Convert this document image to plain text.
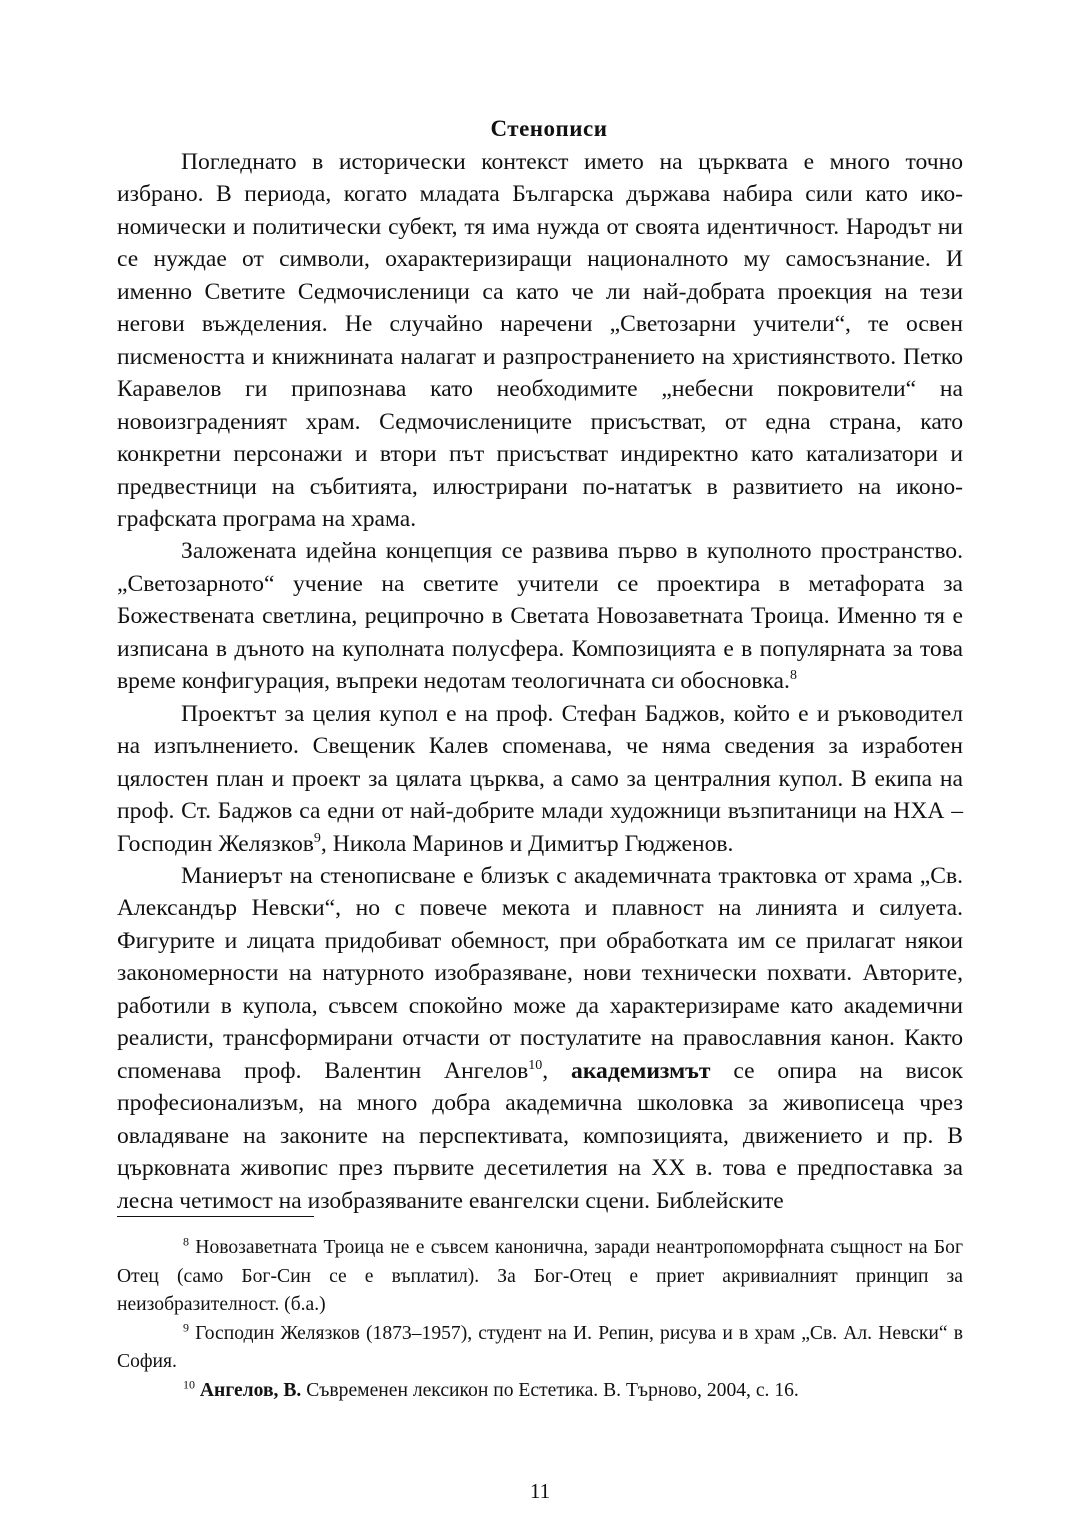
Стенописи

Погледнато в исторически контекст името на църквата е много точно избрано. В периода, когато младата Българска държава набира сили като икономически и политически субект, тя има нужда от своята идентичност. Народът ни се нуждае от символи, охарактеризиращи националното му самосъзнание. И именно Светите Седмочисленици са като че ли най-добрата проекция на тези негови въжделения. Не случайно наречени „Светозарни учители“, те освен писмеността и книжнината налагат и разпространението на християнството. Петко Каравелов ги припознава като необходимите „небесни покровители“ на новоизградeният храм. Седмочислениците присъстват, от една страна, като конкретни персонажи и втори път присъстват индиректно като катализатори и предвестници на събитията, илюстрирани по-нататък в развитието на иконографската програма на храма.

Заложената идейна концепция се развива първо в куполното пространство. „Светозарното“ учение на светите учители се проектира в метафората за Божествената светлина, реципрочно в Светата Новозаветната Троица. Именно тя е изписана в дъното на куполната полусфера. Композицията е в популярната за това време конфигурация, въпреки недотам теологичната си обосновка.$^8$

Проектът за целия купол е на проф. Стефан Баджов, който е и ръководител на изпълнението. Свещеник Калев споменава, че няма сведения за изработен цялостен план и проект за цялата църква, а само за централния купол. В екипа на проф. Ст. Баджов са едни от най-добрите млади художници възпитаници на НХА – Господин Желязков$^9$, Никола Маринов и Димитър Гюдженов.

Маниерът на стенописване е близък с академичната трактовка от храма „Св. Александър Невски“, но с повече мекота и плавност на линията и силуета. Фигурите и лицата придобиват обемност, при обработката им се прилагат някои закономерности на натурното изобразяване, нови технически похвати. Авторите, работили в купола, съвсем спокойно може да характеризираме като академични реалисти, трансформирани отчасти от постулатите на православния канон. Както споменава проф. Валентин Ангелов$^{10}$, академизмът се опира на висок професионализъм, на много добра академична школовка за живописеца чрез овладяване на законите на перспективата, композицията, движението и пр. В църковната живопис през първите десетилетия на XX в. това е предпоставка за лесна четимост на изобразяваните евангелски сцени. Библейските

$^8$ Новозаветната Троица не е съвсем канонична, заради неантропоморфната същност на Бог Отец (само Бог-Син се е въплатил). За Бог-Отец е приет акривиалният принцип за неизобразителност. (б.а.)

$^9$ Господин Желязков (1873–1957), студент на И. Репин, рисува и в храм „Св. Ал. Невски“ в София.

$^{10}$ Ангелов, В. Съвременен лексикон по Естетика. В. Търново, 2004, с. 16.

11
